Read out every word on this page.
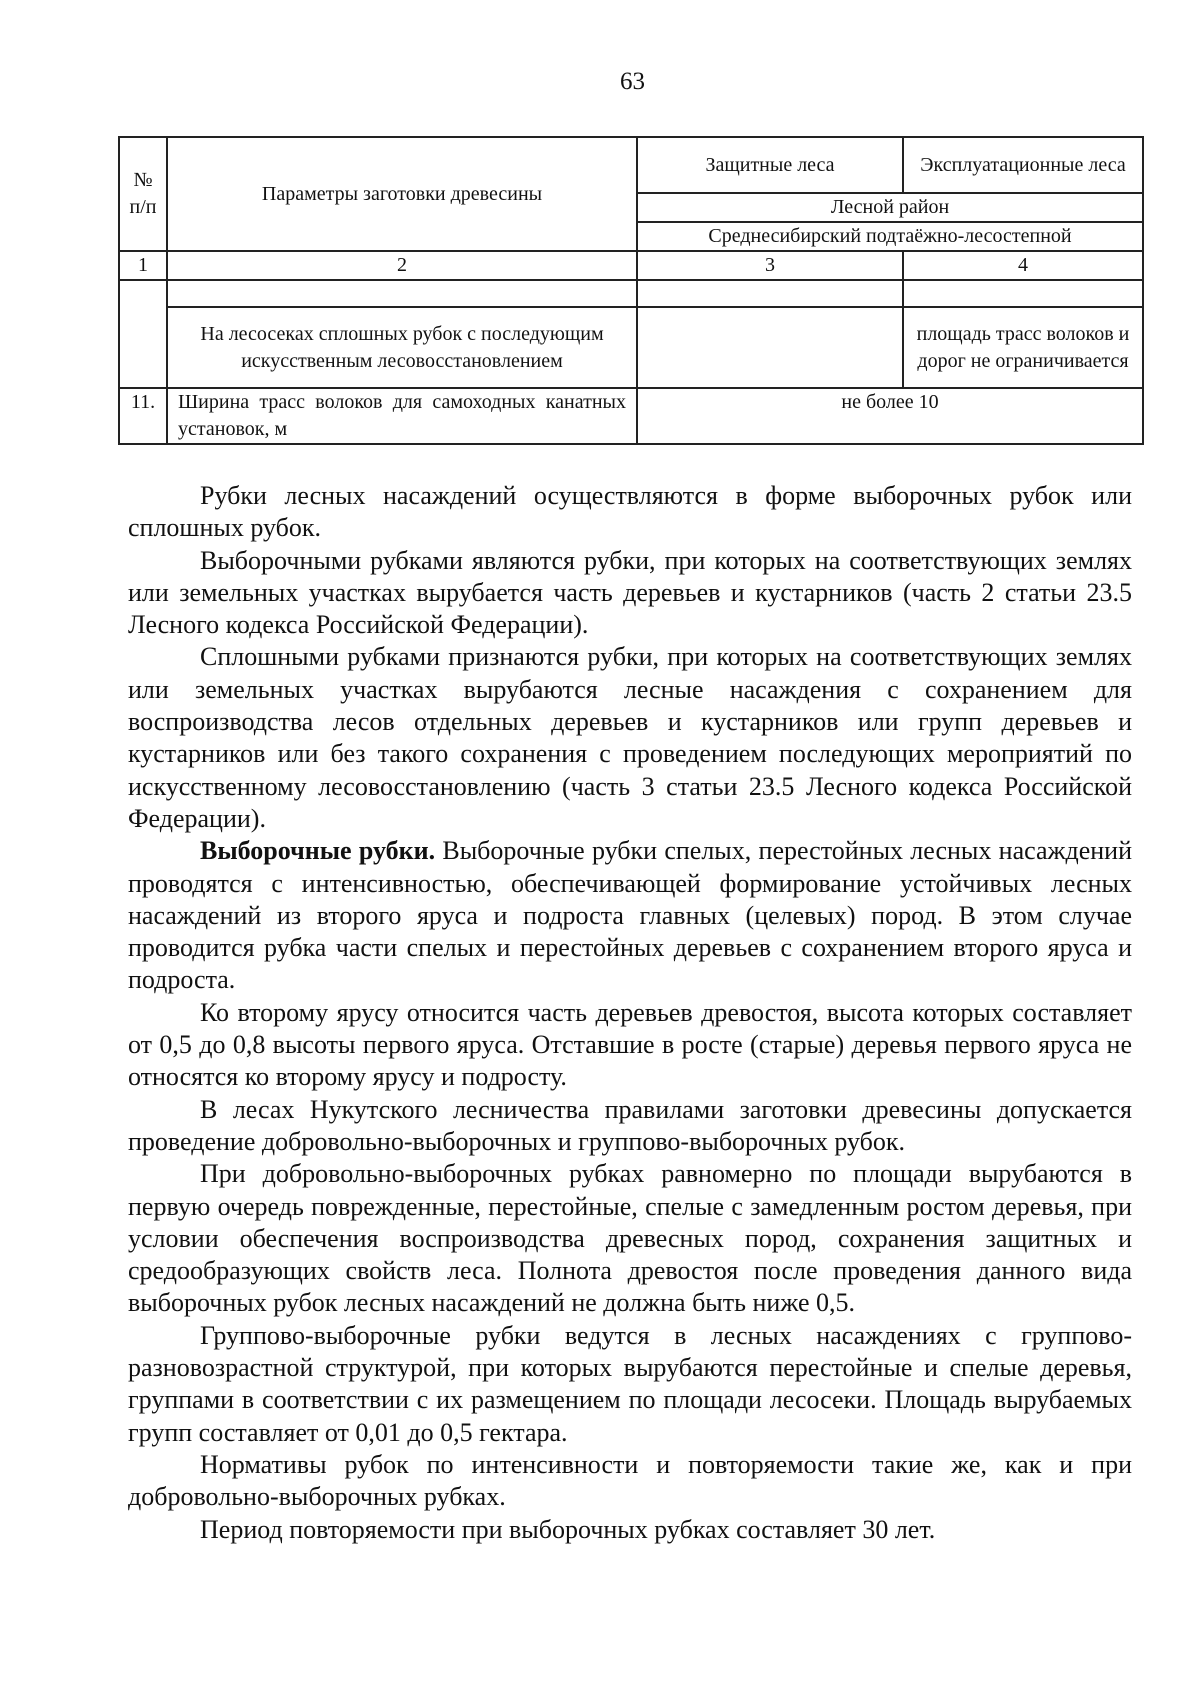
63
№ п/п	Параметры заготовки древесины	Защитные леса	Эксплуатационные леса
		Лесной район	
		Среднесибирский подтаёжно-лесостепной	
1	2	3	4

	На лесосеках сплошных рубок с последующим искусственным лесовосстановлением		площадь трасс волоков и дорог не ограничивается
11.	Ширина трасс волоков для самоходных канатных установок, м	не более 10	

Рубки лесных насаждений осуществляются в форме выборочных рубок или сплошных рубок.

Выборочными рубками являются рубки, при которых на соответствующих землях или земельных участках вырубается часть деревьев и кустарников (часть 2 статьи 23.5 Лесного кодекса Российской Федерации).

Сплошными рубками признаются рубки, при которых на соответствующих землях или земельных участках вырубаются лесные насаждения с сохранением для воспроизводства лесов отдельных деревьев и кустарников или групп деревьев и кустарников или без такого сохранения с проведением последующих мероприятий по искусственному лесовосстановлению (часть 3 статьи 23.5 Лесного кодекса Российской Федерации).

Выборочные рубки. Выборочные рубки спелых, перестойных лесных насаждений проводятся с интенсивностью, обеспечивающей формирование устойчивых лесных насаждений из второго яруса и подроста главных (целевых) пород. В этом случае проводится рубка части спелых и перестойных деревьев с сохранением второго яруса и подроста.

Ко второму ярусу относится часть деревьев древостоя, высота которых составляет от 0,5 до 0,8 высоты первого яруса. Отставшие в росте (старые) деревья первого яруса не относятся ко второму ярусу и подросту.

В лесах Нукутского лесничества правилами заготовки древесины допускается проведение добровольно-выборочных и группово-выборочных рубок.

При добровольно-выборочных рубках равномерно по площади вырубаются в первую очередь поврежденные, перестойные, спелые с замедленным ростом деревья, при условии обеспечения воспроизводства древесных пород, сохранения защитных и средообразующих свойств леса. Полнота древостоя после проведения данного вида выборочных рубок лесных насаждений не должна быть ниже 0,5.

Группово-выборочные рубки ведутся в лесных насаждениях с группово-разновозрастной структурой, при которых вырубаются перестойные и спелые деревья, группами в соответствии с их размещением по площади лесосеки. Площадь вырубаемых групп составляет от 0,01 до 0,5 гектара.

Нормативы рубок по интенсивности и повторяемости такие же, как и при добровольно-выборочных рубках.

Период повторяемости при выборочных рубках составляет 30 лет.
